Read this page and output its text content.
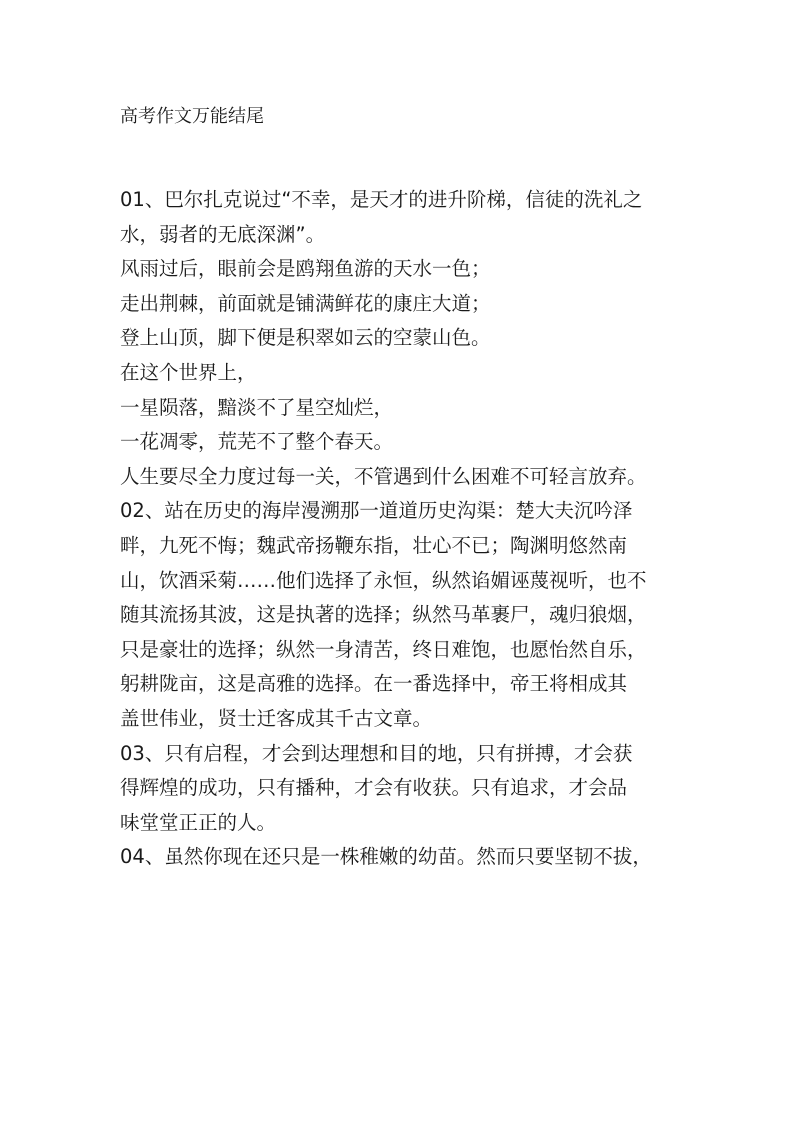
高考作文万能结尾
01、巴尔扎克说过“不幸，是天才的进升阶梯，信徒的洗礼之
水，弱者的无底深渊”。
风雨过后，眼前会是鸥翔鱼游的天水一色；
走出荆棘，前面就是铺满鲜花的康庄大道；
登上山顶，脚下便是积翠如云的空蒙山色。
在这个世界上，
一星陨落，黯淡不了星空灿烂，
一花凋零，荒芜不了整个春天。
人生要尽全力度过每一关，不管遇到什么困难不可轻言放弃。
02、站在历史的海岸漫溯那一道道历史沟渠：楚大夫沉吟泽
畔，九死不悔；魏武帝扬鞭东指，壮心不已；陶渊明悠然南
山，饮酒采菊……他们选择了永恒，纵然谄媚诬蔑视听，也不
随其流扬其波，这是执著的选择；纵然马革裹尸，魂归狼烟，
只是豪壮的选择；纵然一身清苦，终日难饱，也愿怡然自乐，
躬耕陇亩，这是高雅的选择。在一番选择中，帝王将相成其
盖世伟业，贤士迁客成其千古文章。
03、只有启程，才会到达理想和目的地，只有拼搏，才会获
得辉煌的成功，只有播种，才会有收获。只有追求，才会品
味堂堂正正的人。
04、虽然你现在还只是一株稚嫩的幼苗。然而只要坚韧不拔，
